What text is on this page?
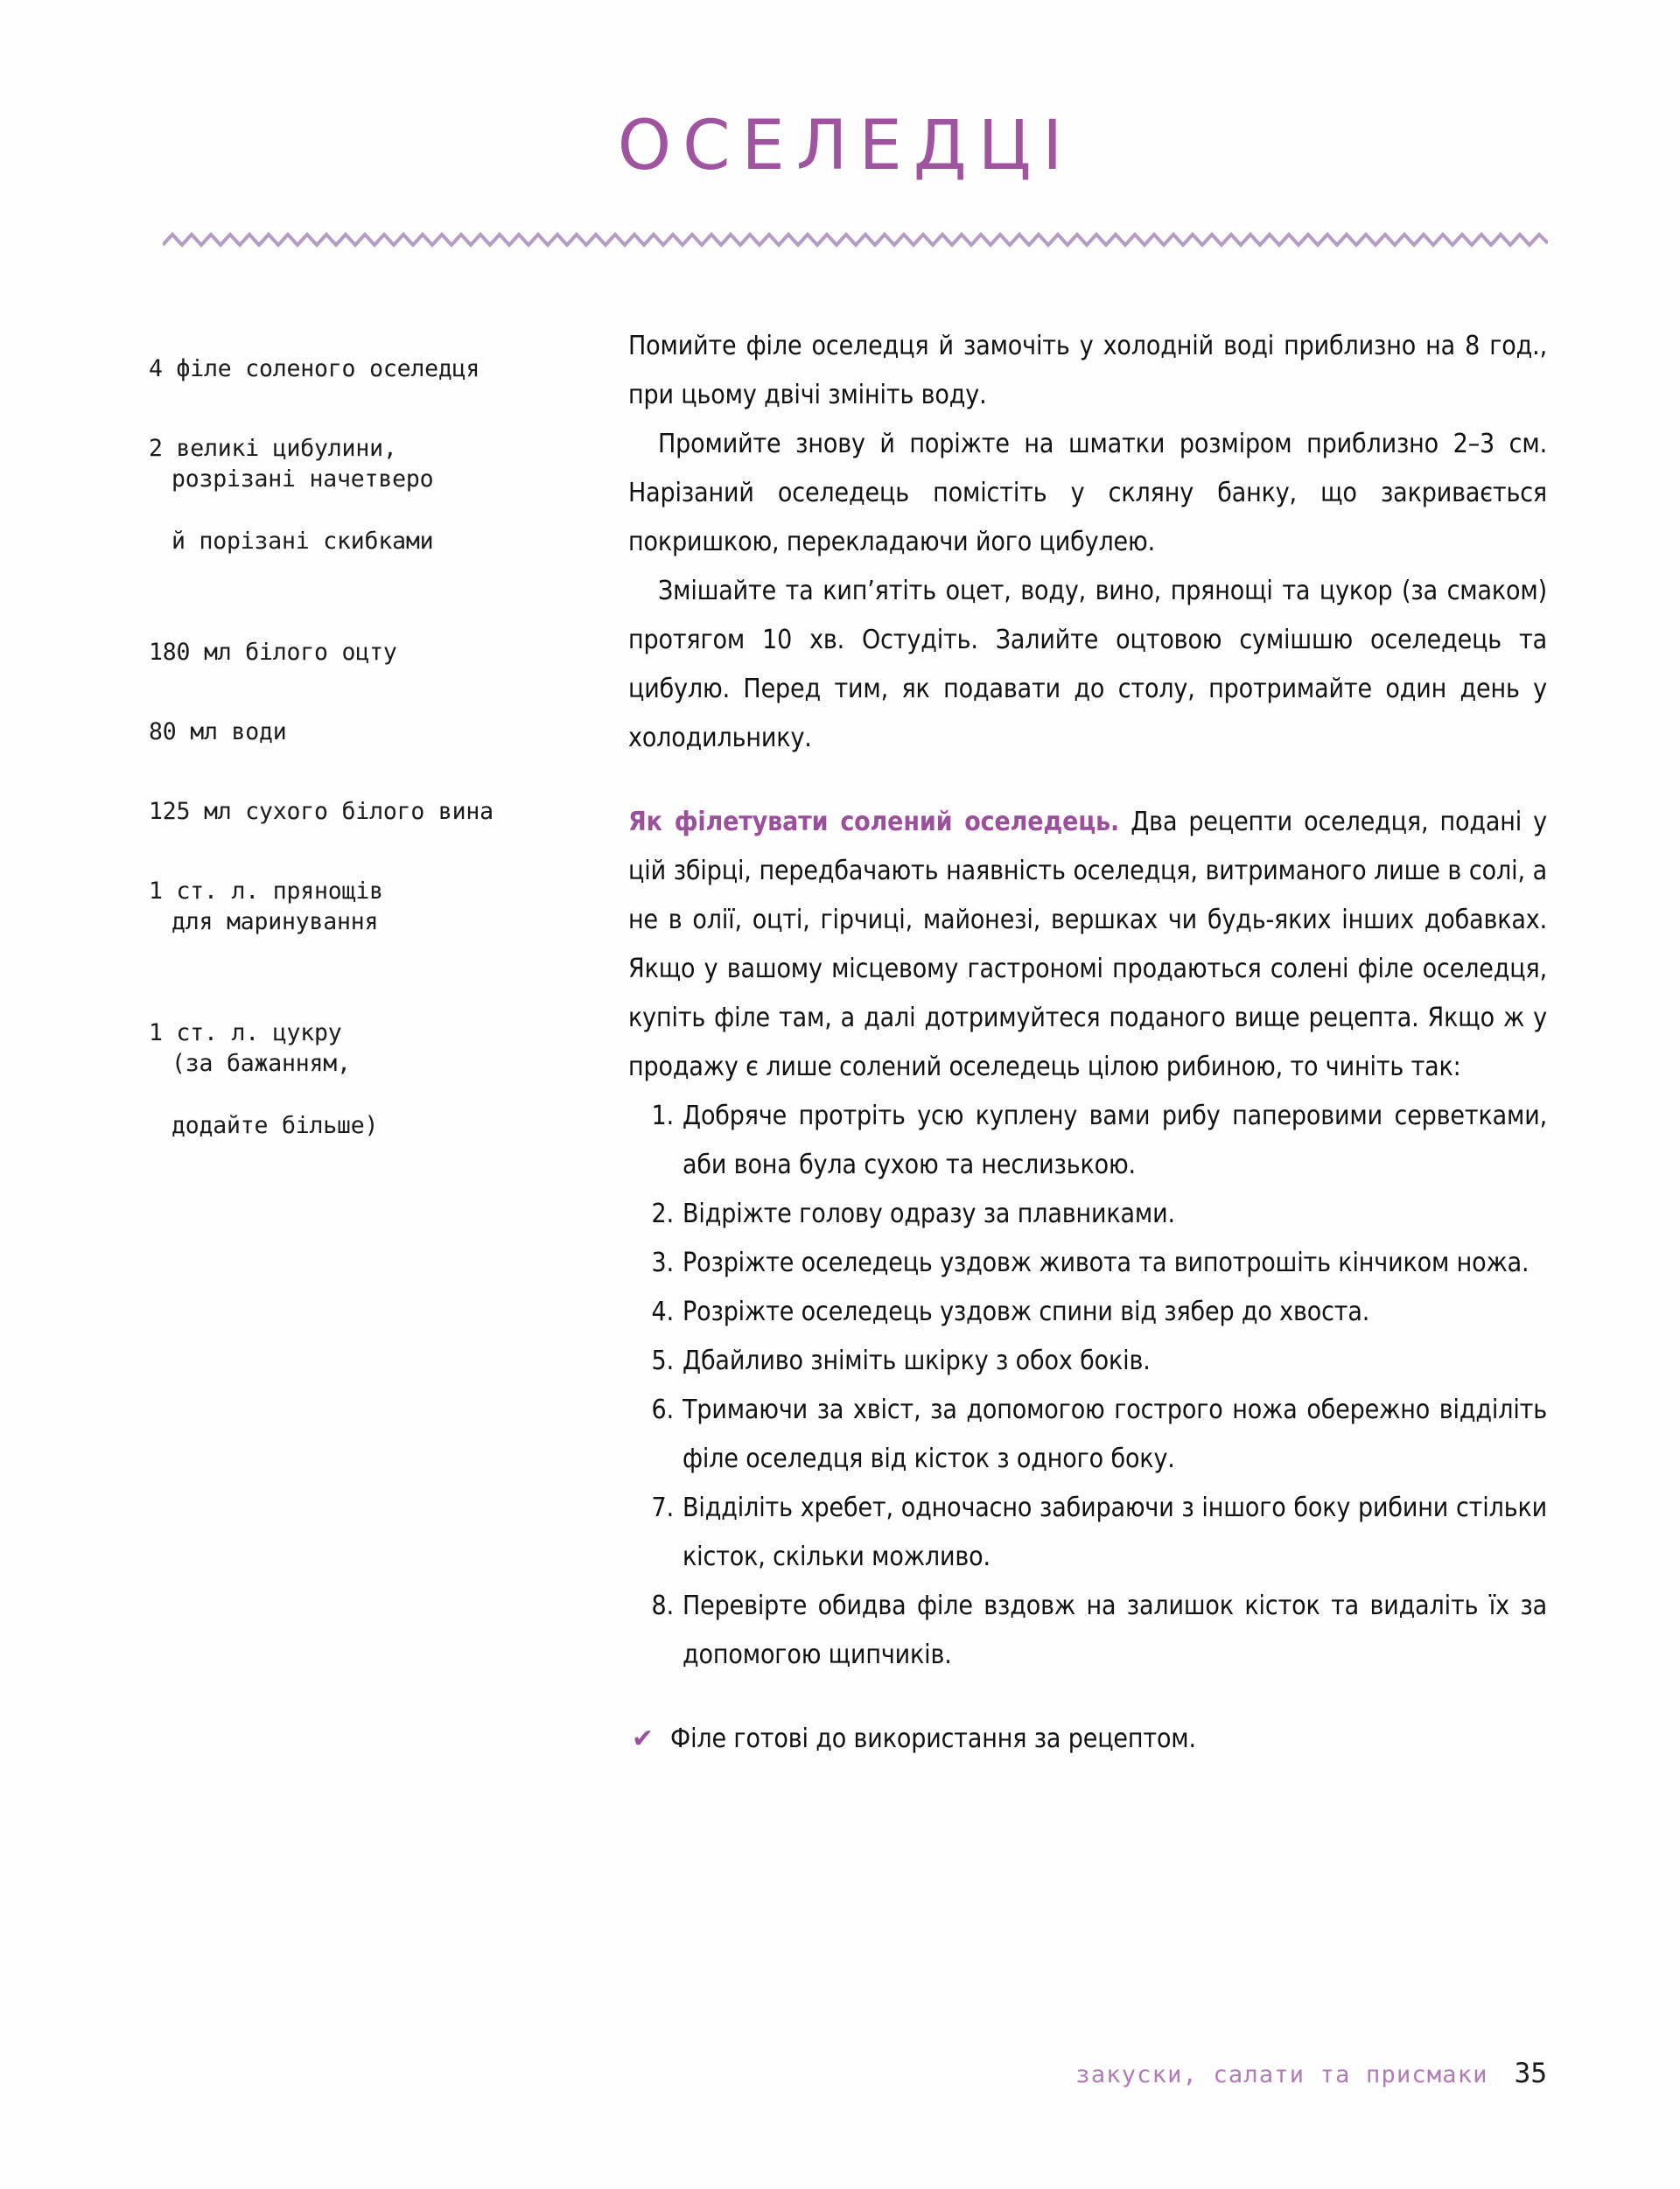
ОСЕЛЕДЦІ

4 філе соленого оселедця

2 великі цибулини,

розрізані начетверо

й порізані скибками

180 мл білого оцту

80 мл води

125 мл сухого білого вина

1 ст. л. прянощів

для маринування

1 ст. л. цукру

(за бажанням,

додайте більше)

Помийте філе оселедця й замочіть у холодній воді приблизно на 8 год., при цьому двічі змініть воду.

Промийте знову й поріжте на шматки розміром приблизно 2–3 см. Нарізаний оселедець помістіть у скляну банку, що закривається покришкою, перекладаючи його цибулею.

Змішайте та кип’ятіть оцет, воду, вино, прянощі та цукор (за смаком) протягом 10 хв. Остудіть. Залийте оцтовою сумішшю оселедець та цибулю. Перед тим, як подавати до столу, протримайте один день у холодильнику.

Як філетувати солений оселедець. Два рецепти оселедця, подані у цій збірці, передбачають наявність оселедця, витриманого лише в солі, а не в олії, оцті, гірчиці, майонезі, вершках чи будь-яких інших добавках. Якщо у вашому місцевому гастрономі продаються солені філе оселедця, купіть філе там, а далі дотримуйтеся поданого вище рецепта. Якщо ж у продажу є лише солений оселедець цілою рибиною, то чиніть так:

Добряче протріть усю куплену вами рибу паперовими серветками, аби вона була сухою та неслизькою.
Відріжте голову одразу за плавниками.
Розріжте оселедець уздовж живота та випотрошіть кінчиком ножа.
Розріжте оселедець уздовж спини від зябер до хвоста.
Дбайливо зніміть шкірку з обох боків.
Тримаючи за хвіст, за допомогою гострого ножа обережно відділіть філе оселедця від кісток з одного боку.
Відділіть хребет, одночасно забираючи з іншого боку рибини стільки кісток, скільки можливо.
Перевірте обидва філе вздовж на залишок кісток та видаліть їх за допомогою щипчиків.
✔ Філе готові до використання за рецептом.
закуски, салати та присмаки 35
